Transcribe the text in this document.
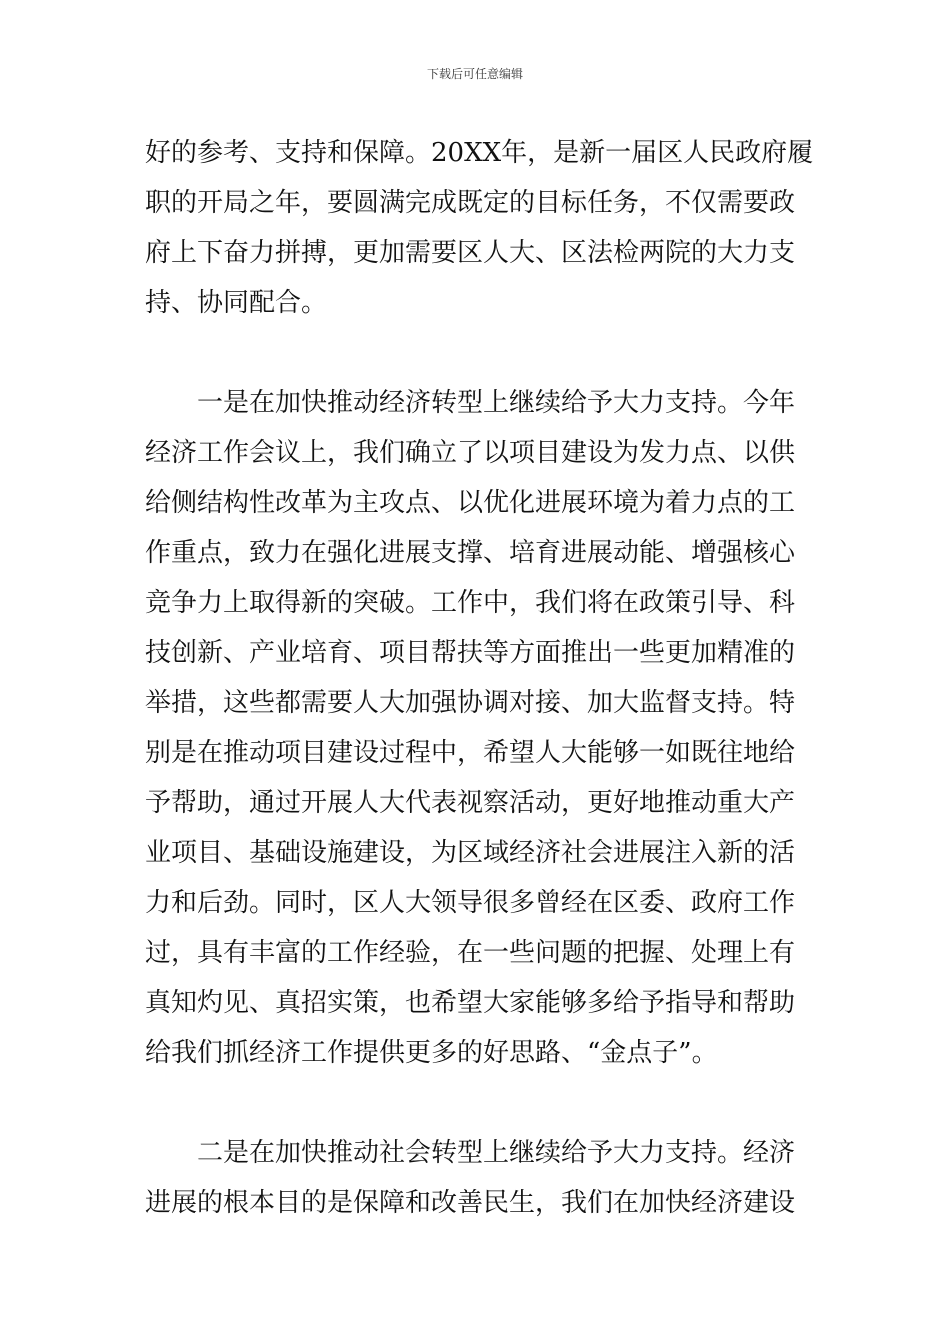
下载后可任意编辑
好的参考、支持和保障。20XX年，是新一届区人民政府履
职的开局之年，要圆满完成既定的目标任务，不仅需要政
府上下奋力拼搏，更加需要区人大、区法检两院的大力支
持、协同配合。
一是在加快推动经济转型上继续给予大力支持。今年
经济工作会议上，我们确立了以项目建设为发力点、以供
给侧结构性改革为主攻点、以优化进展环境为着力点的工
作重点，致力在强化进展支撑、培育进展动能、增强核心
竞争力上取得新的突破。工作中，我们将在政策引导、科
技创新、产业培育、项目帮扶等方面推出一些更加精准的
举措，这些都需要人大加强协调对接、加大监督支持。特
别是在推动项目建设过程中，希望人大能够一如既往地给
予帮助，通过开展人大代表视察活动，更好地推动重大产
业项目、基础设施建设，为区域经济社会进展注入新的活
力和后劲。同时，区人大领导很多曾经在区委、政府工作
过，具有丰富的工作经验，在一些问题的把握、处理上有
真知灼见、真招实策，也希望大家能够多给予指导和帮助
给我们抓经济工作提供更多的好思路、“金点子”。
二是在加快推动社会转型上继续给予大力支持。经济
进展的根本目的是保障和改善民生，我们在加快经济建设
